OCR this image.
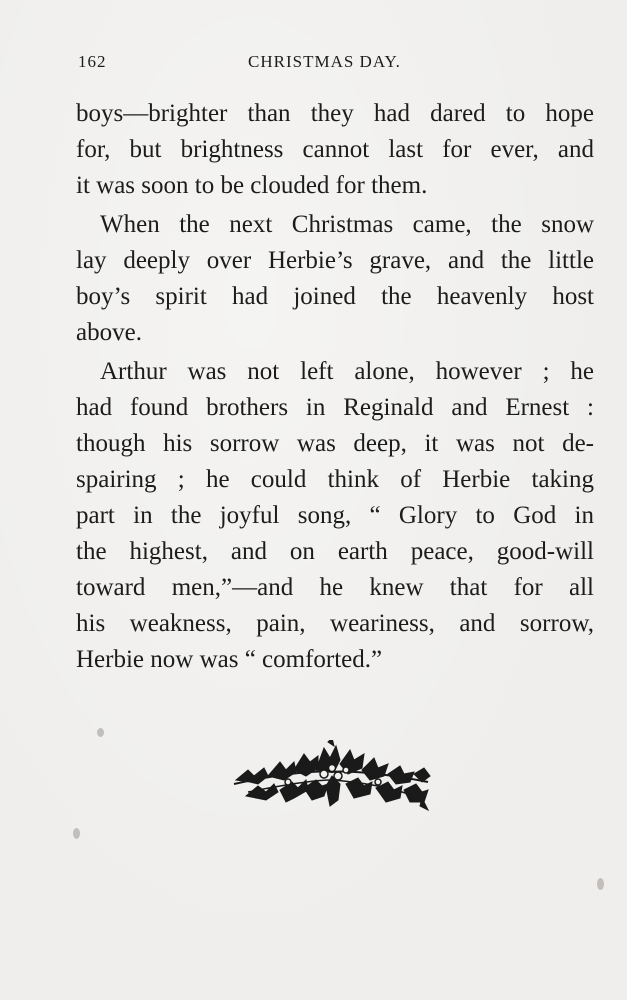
162	CHRISTMAS DAY.
boys—brighter than they had dared to hope
for, but brightness cannot last for ever, and
it was soon to be clouded for them.
When the next Christmas came, the snow
lay deeply over Herbie’s grave, and the little
boy’s spirit had joined the heavenly host
above.
Arthur was not left alone, however ; he
had found brothers in Reginald and Ernest :
though his sorrow was deep, it was not de-
spairing ; he could think of Herbie taking
part in the joyful song, “ Glory to God in
the highest, and on earth peace, good-will
toward men,”—and he knew that for all
his weakness, pain, weariness, and sorrow,
Herbie now was “ comforted.”
